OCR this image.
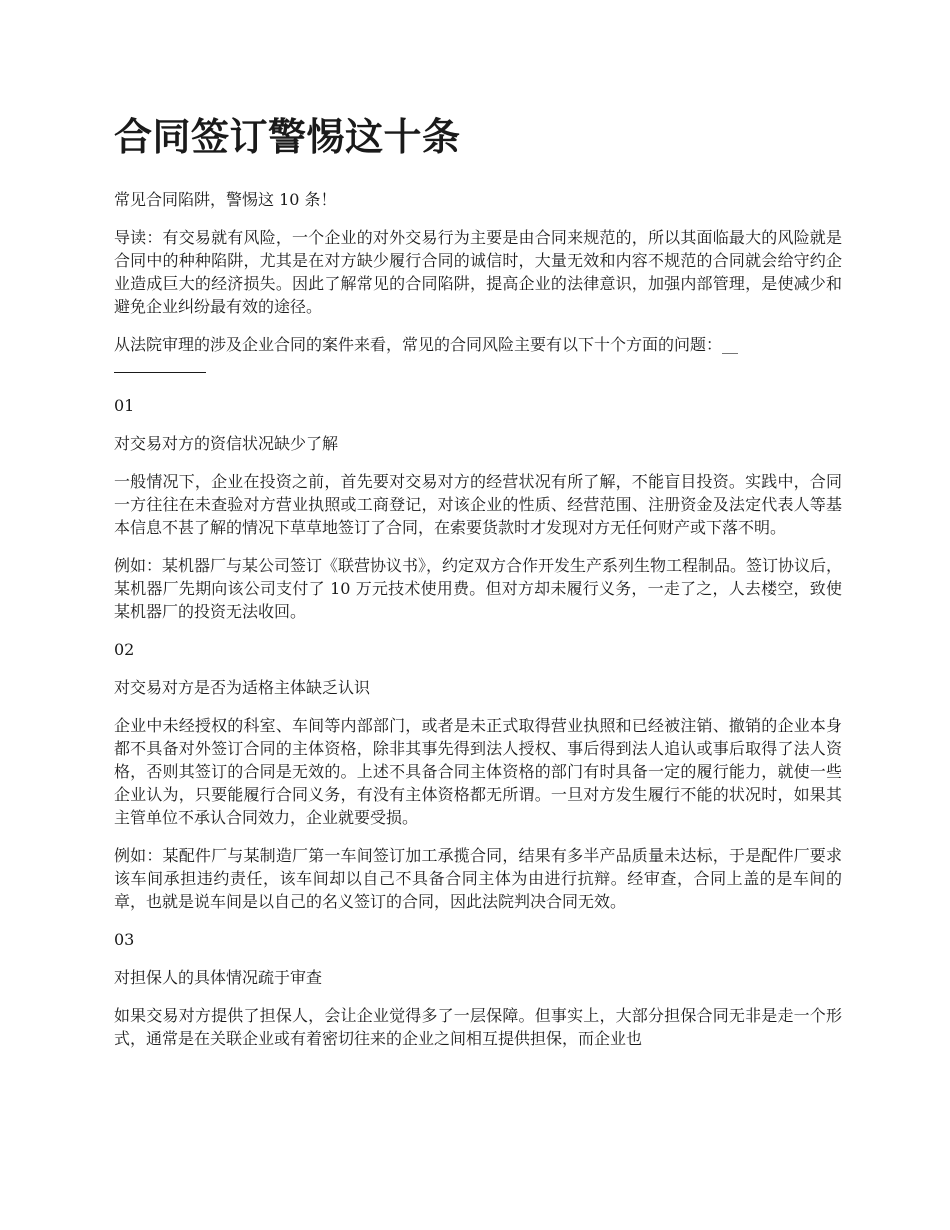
合同签订警惕这十条

常见合同陷阱，警惕这 10 条！

导读：有交易就有风险，一个企业的对外交易行为主要是由合同来规范的，所以其面临最大的风险就是合同中的种种陷阱，尤其是在对方缺少履行合同的诚信时，大量无效和内容不规范的合同就会给守约企业造成巨大的经济损失。因此了解常见的合同陷阱，提高企业的法律意识，加强内部管理，是使减少和避免企业纠纷最有效的途径。

从法院审理的涉及企业合同的案件来看，常见的合同风险主要有以下十个方面的问题：__

01

对交易对方的资信状况缺少了解

一般情况下，企业在投资之前，首先要对交易对方的经营状况有所了解，不能盲目投资。实践中，合同一方往往在未查验对方营业执照或工商登记，对该企业的性质、经营范围、注册资金及法定代表人等基本信息不甚了解的情况下草草地签订了合同，在索要货款时才发现对方无任何财产或下落不明。

例如：某机器厂与某公司签订《联营协议书》，约定双方合作开发生产系列生物工程制品。签订协议后，某机器厂先期向该公司支付了 10 万元技术使用费。但对方却未履行义务，一走了之，人去楼空，致使某机器厂的投资无法收回。

02

对交易对方是否为适格主体缺乏认识

企业中未经授权的科室、车间等内部部门，或者是未正式取得营业执照和已经被注销、撤销的企业本身都不具备对外签订合同的主体资格，除非其事先得到法人授权、事后得到法人追认或事后取得了法人资格，否则其签订的合同是无效的。上述不具备合同主体资格的部门有时具备一定的履行能力，就使一些企业认为，只要能履行合同义务，有没有主体资格都无所谓。一旦对方发生履行不能的状况时，如果其主管单位不承认合同效力，企业就要受损。

例如：某配件厂与某制造厂第一车间签订加工承揽合同，结果有多半产品质量未达标，于是配件厂要求该车间承担违约责任，该车间却以自己不具备合同主体为由进行抗辩。经审查，合同上盖的是车间的章，也就是说车间是以自己的名义签订的合同，因此法院判决合同无效。

03

对担保人的具体情况疏于审查

如果交易对方提供了担保人，会让企业觉得多了一层保障。但事实上，大部分担保合同无非是走一个形式，通常是在关联企业或有着密切往来的企业之间相互提供担保，而企业也
